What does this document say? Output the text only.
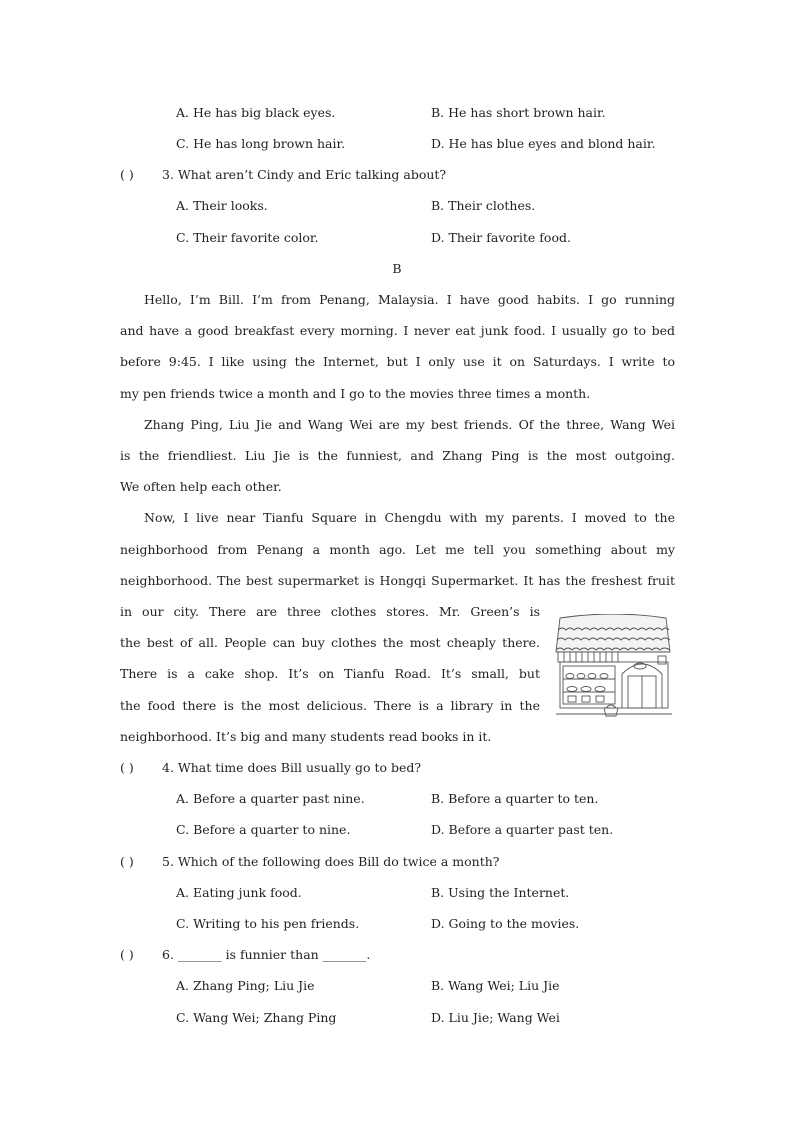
A. He has big black eyes.	B. He has short brown hair.
C. He has long brown hair.	D. He has blue eyes and blond hair.
( ) 3. What aren’t Cindy and Eric talking about?
A. Their looks.	B. Their clothes.
C. Their favorite color.	D. Their favorite food.
B
Hello, I’m Bill. I’m from Penang, Malaysia. I have good habits. I go running
and have a good breakfast every morning. I never eat junk food. I usually go to bed
before 9:45. I like using the Internet, but I only use it on Saturdays. I write to
my pen friends twice a month and I go to the movies three times a month.
Zhang Ping, Liu Jie and Wang Wei are my best friends. Of the three, Wang Wei
is the friendliest. Liu Jie is the funniest, and Zhang Ping is the most outgoing.
We often help each other.
Now, I live near Tianfu Square in Chengdu with my parents. I moved to the
neighborhood from Penang a month ago. Let me tell you something about my
neighborhood. The best supermarket is Hongqi Supermarket. It has the freshest fruit
in our city. There are three clothes stores. Mr. Green’s is
the best of all. People can buy clothes the most cheaply there.
There is a cake shop. It’s on Tianfu Road. It’s small, but
the food there is the most delicious. There is a library in the
neighborhood. It’s big and many students read books in it.
( ) 4. What time does Bill usually go to bed?
A. Before a quarter past nine.	B. Before a quarter to ten.
C. Before a quarter to nine.	D. Before a quarter past ten.
( ) 5. Which of the following does Bill do twice a month?
A. Eating junk food.	B. Using the Internet.
C. Writing to his pen friends.	D. Going to the movies.
( ) 6. _______ is funnier than _______.
A. Zhang Ping; Liu Jie	B. Wang Wei; Liu Jie
C. Wang Wei; Zhang Ping	D. Liu Jie; Wang Wei
